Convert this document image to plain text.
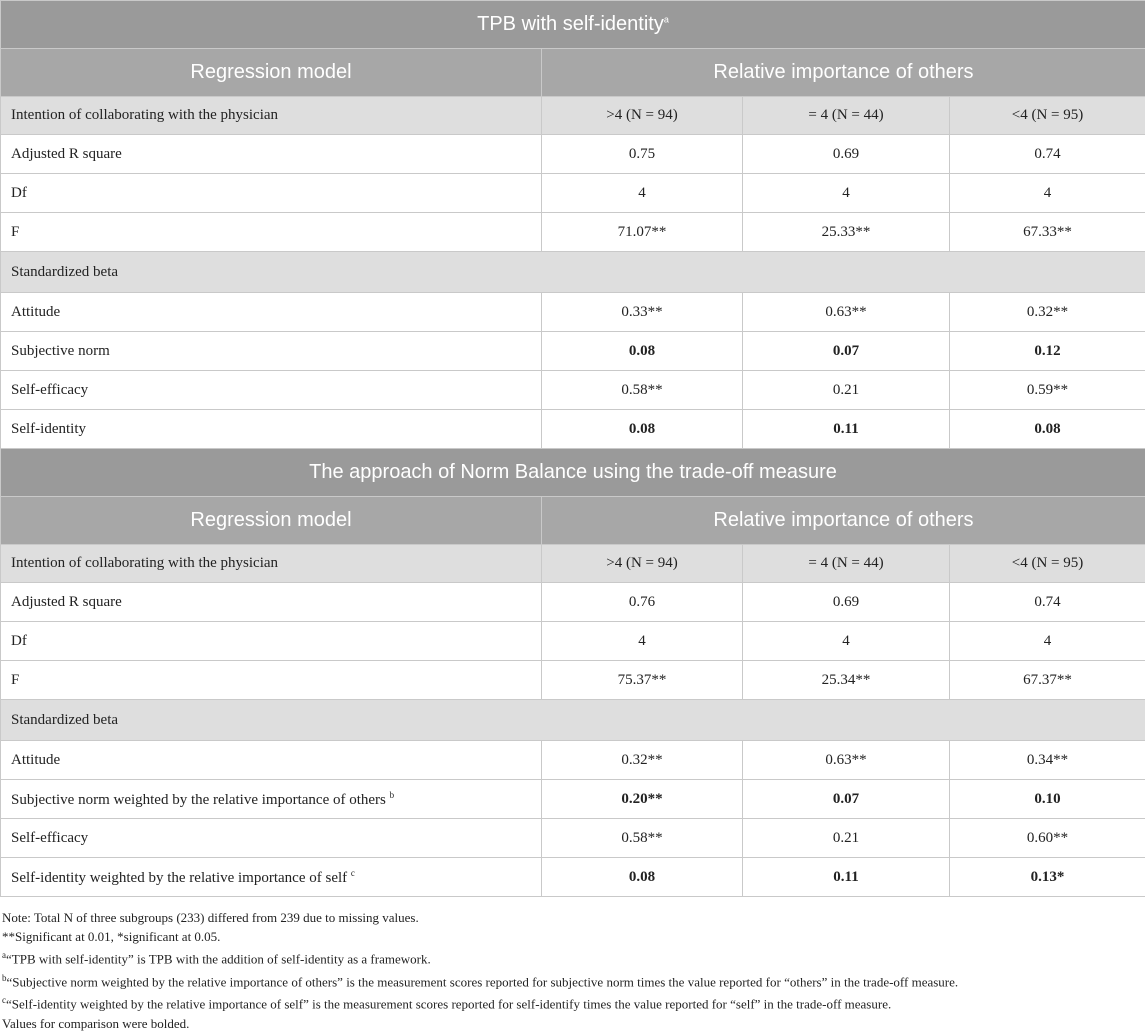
TPB with self-identity$^a$
Regression model	Relative importance of others		
Intention of collaborating with the physician	>4 (N = 94)	= 4 (N = 44)	<4 (N = 95)
Adjusted R square	0.75	0.69	0.74
Df	4	4	4
F	71.07**	25.33**	67.33**
Standardized beta			
Attitude	0.33**	0.63**	0.32**
Subjective norm	0.08	0.07	0.12
Self-efficacy	0.58**	0.21	0.59**
Self-identity	0.08	0.11	0.08
The approach of Norm Balance using the trade-off measure			
Regression model	Relative importance of others		
Intention of collaborating with the physician	>4 (N = 94)	= 4 (N = 44)	<4 (N = 95)
Adjusted R square	0.76	0.69	0.74
Df	4	4	4
F	75.37**	25.34**	67.37**
Standardized beta			
Attitude	0.32**	0.63**	0.34**
Subjective norm weighted by the relative importance of others $^b$	0.20**	0.07	0.10
Self-efficacy	0.58**	0.21	0.60**
Self-identity weighted by the relative importance of self $^c$	0.08	0.11	0.13*
Note: Total N of three subgroups (233) differed from 239 due to missing values.
**Significant at 0.01, *significant at 0.05.
$^a$“TPB with self-identity” is TPB with the addition of self-identity as a framework.
$^b$“Subjective norm weighted by the relative importance of others” is the measurement scores reported for subjective norm times the value reported for “others” in the trade-off measure.
$^c$“Self-identity weighted by the relative importance of self” is the measurement scores reported for self-identify times the value reported for “self” in the trade-off measure.
Values for comparison were bolded.
